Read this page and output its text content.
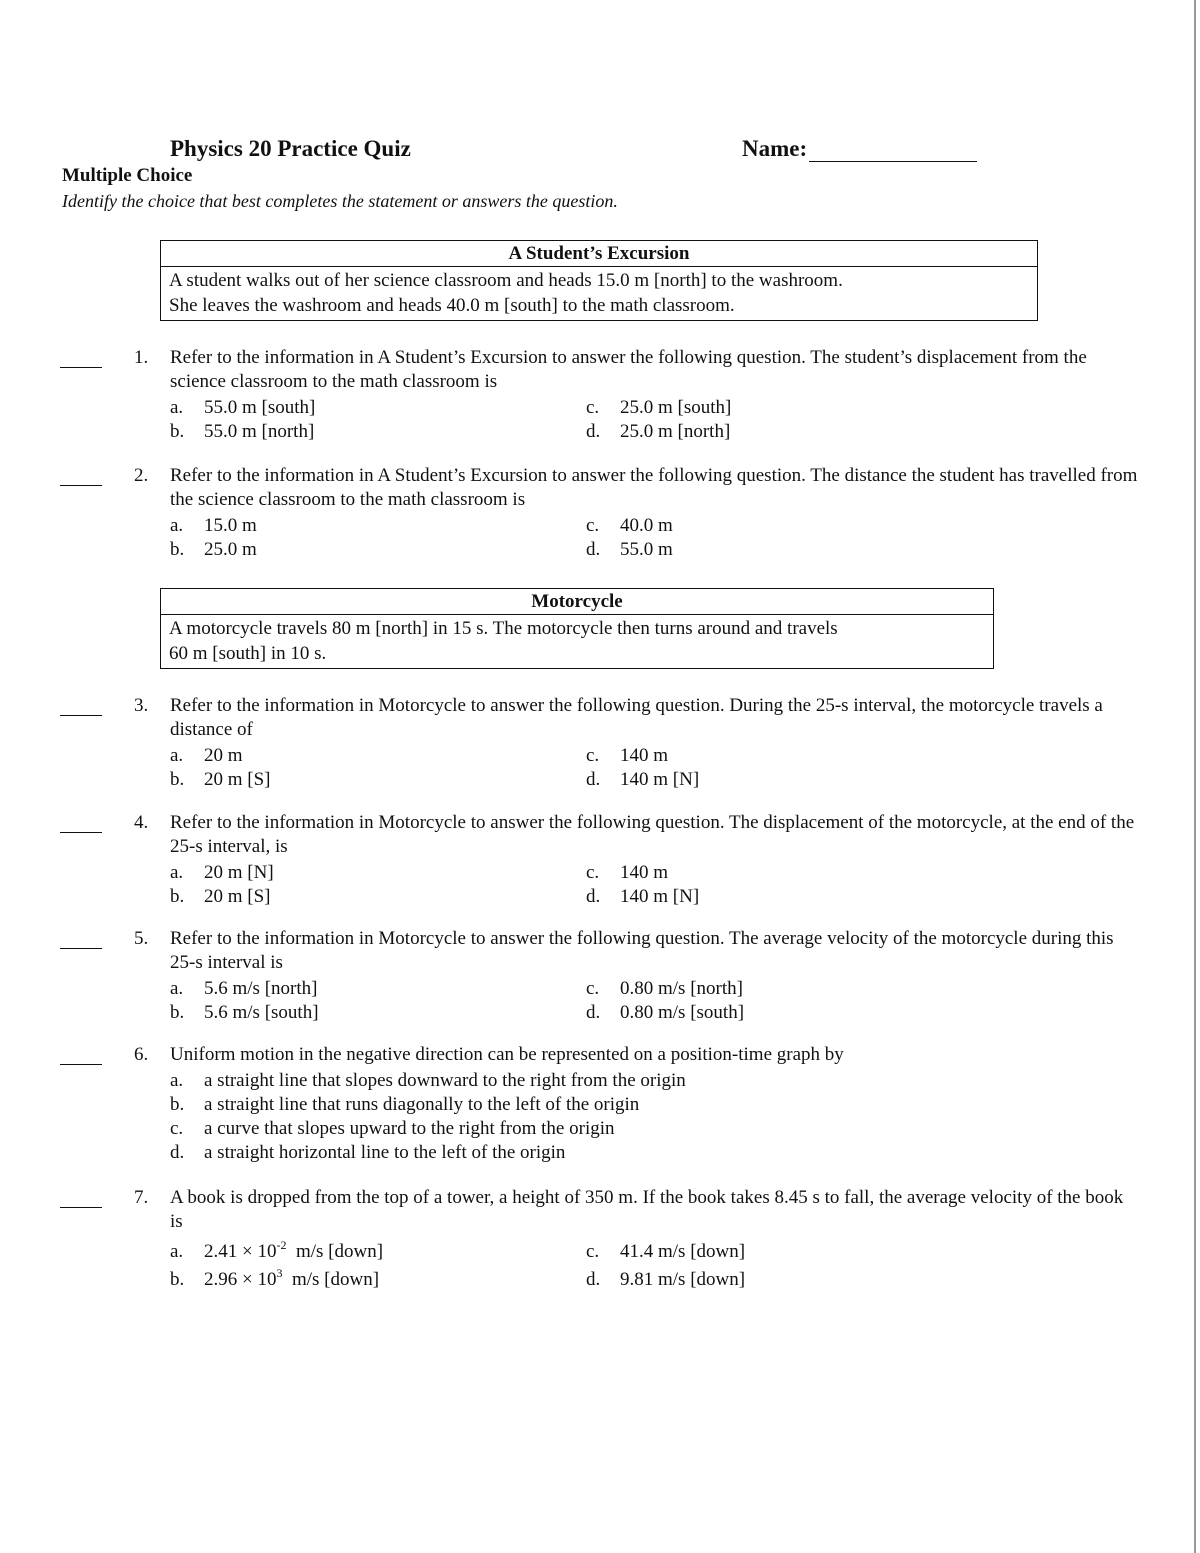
Physics 20 Practice Quiz	Name:
Multiple Choice
Identify the choice that best completes the statement or answers the question.
A Student’s Excursion
A student walks out of her science classroom and heads 15.0 m [north] to the washroom.
She leaves the washroom and heads 40.0 m [south] to the math classroom.
1. Refer to the information in A Student’s Excursion to answer the following question. The student’s displacement from the science classroom to the math classroom is
a. 55.0 m [south]
b. 55.0 m [north]
c. 25.0 m [south]
d. 25.0 m [north]
2. Refer to the information in A Student’s Excursion to answer the following question. The distance the student has travelled from the science classroom to the math classroom is
a. 15.0 m
b. 25.0 m
c. 40.0 m
d. 55.0 m
Motorcycle
A motorcycle travels 80 m [north] in 15 s. The motorcycle then turns around and travels
60 m [south] in 10 s.
3. Refer to the information in Motorcycle to answer the following question. During the 25-s interval, the motorcycle travels a distance of
a. 20 m
b. 20 m [S]
c. 140 m
d. 140 m [N]
4. Refer to the information in Motorcycle to answer the following question. The displacement of the motorcycle, at the end of the 25-s interval, is
a. 20 m [N]
b. 20 m [S]
c. 140 m
d. 140 m [N]
5. Refer to the information in Motorcycle to answer the following question. The average velocity of the motorcycle during this 25-s interval is
a. 5.6 m/s [north]
b. 5.6 m/s [south]
c. 0.80 m/s [north]
d. 0.80 m/s [south]
6. Uniform motion in the negative direction can be represented on a position-time graph by
a. a straight line that slopes downward to the right from the origin
b. a straight line that runs diagonally to the left of the origin
c. a curve that slopes upward to the right from the origin
d. a straight horizontal line to the left of the origin
7. A book is dropped from the top of a tower, a height of 350 m. If the book takes 8.45 s to fall, the average velocity of the book is
a. $2.41 \times 10^{-2}$ m/s [down]
b. $2.96 \times 10^3$ m/s [down]
c. 41.4 m/s [down]
d. 9.81 m/s [down]
